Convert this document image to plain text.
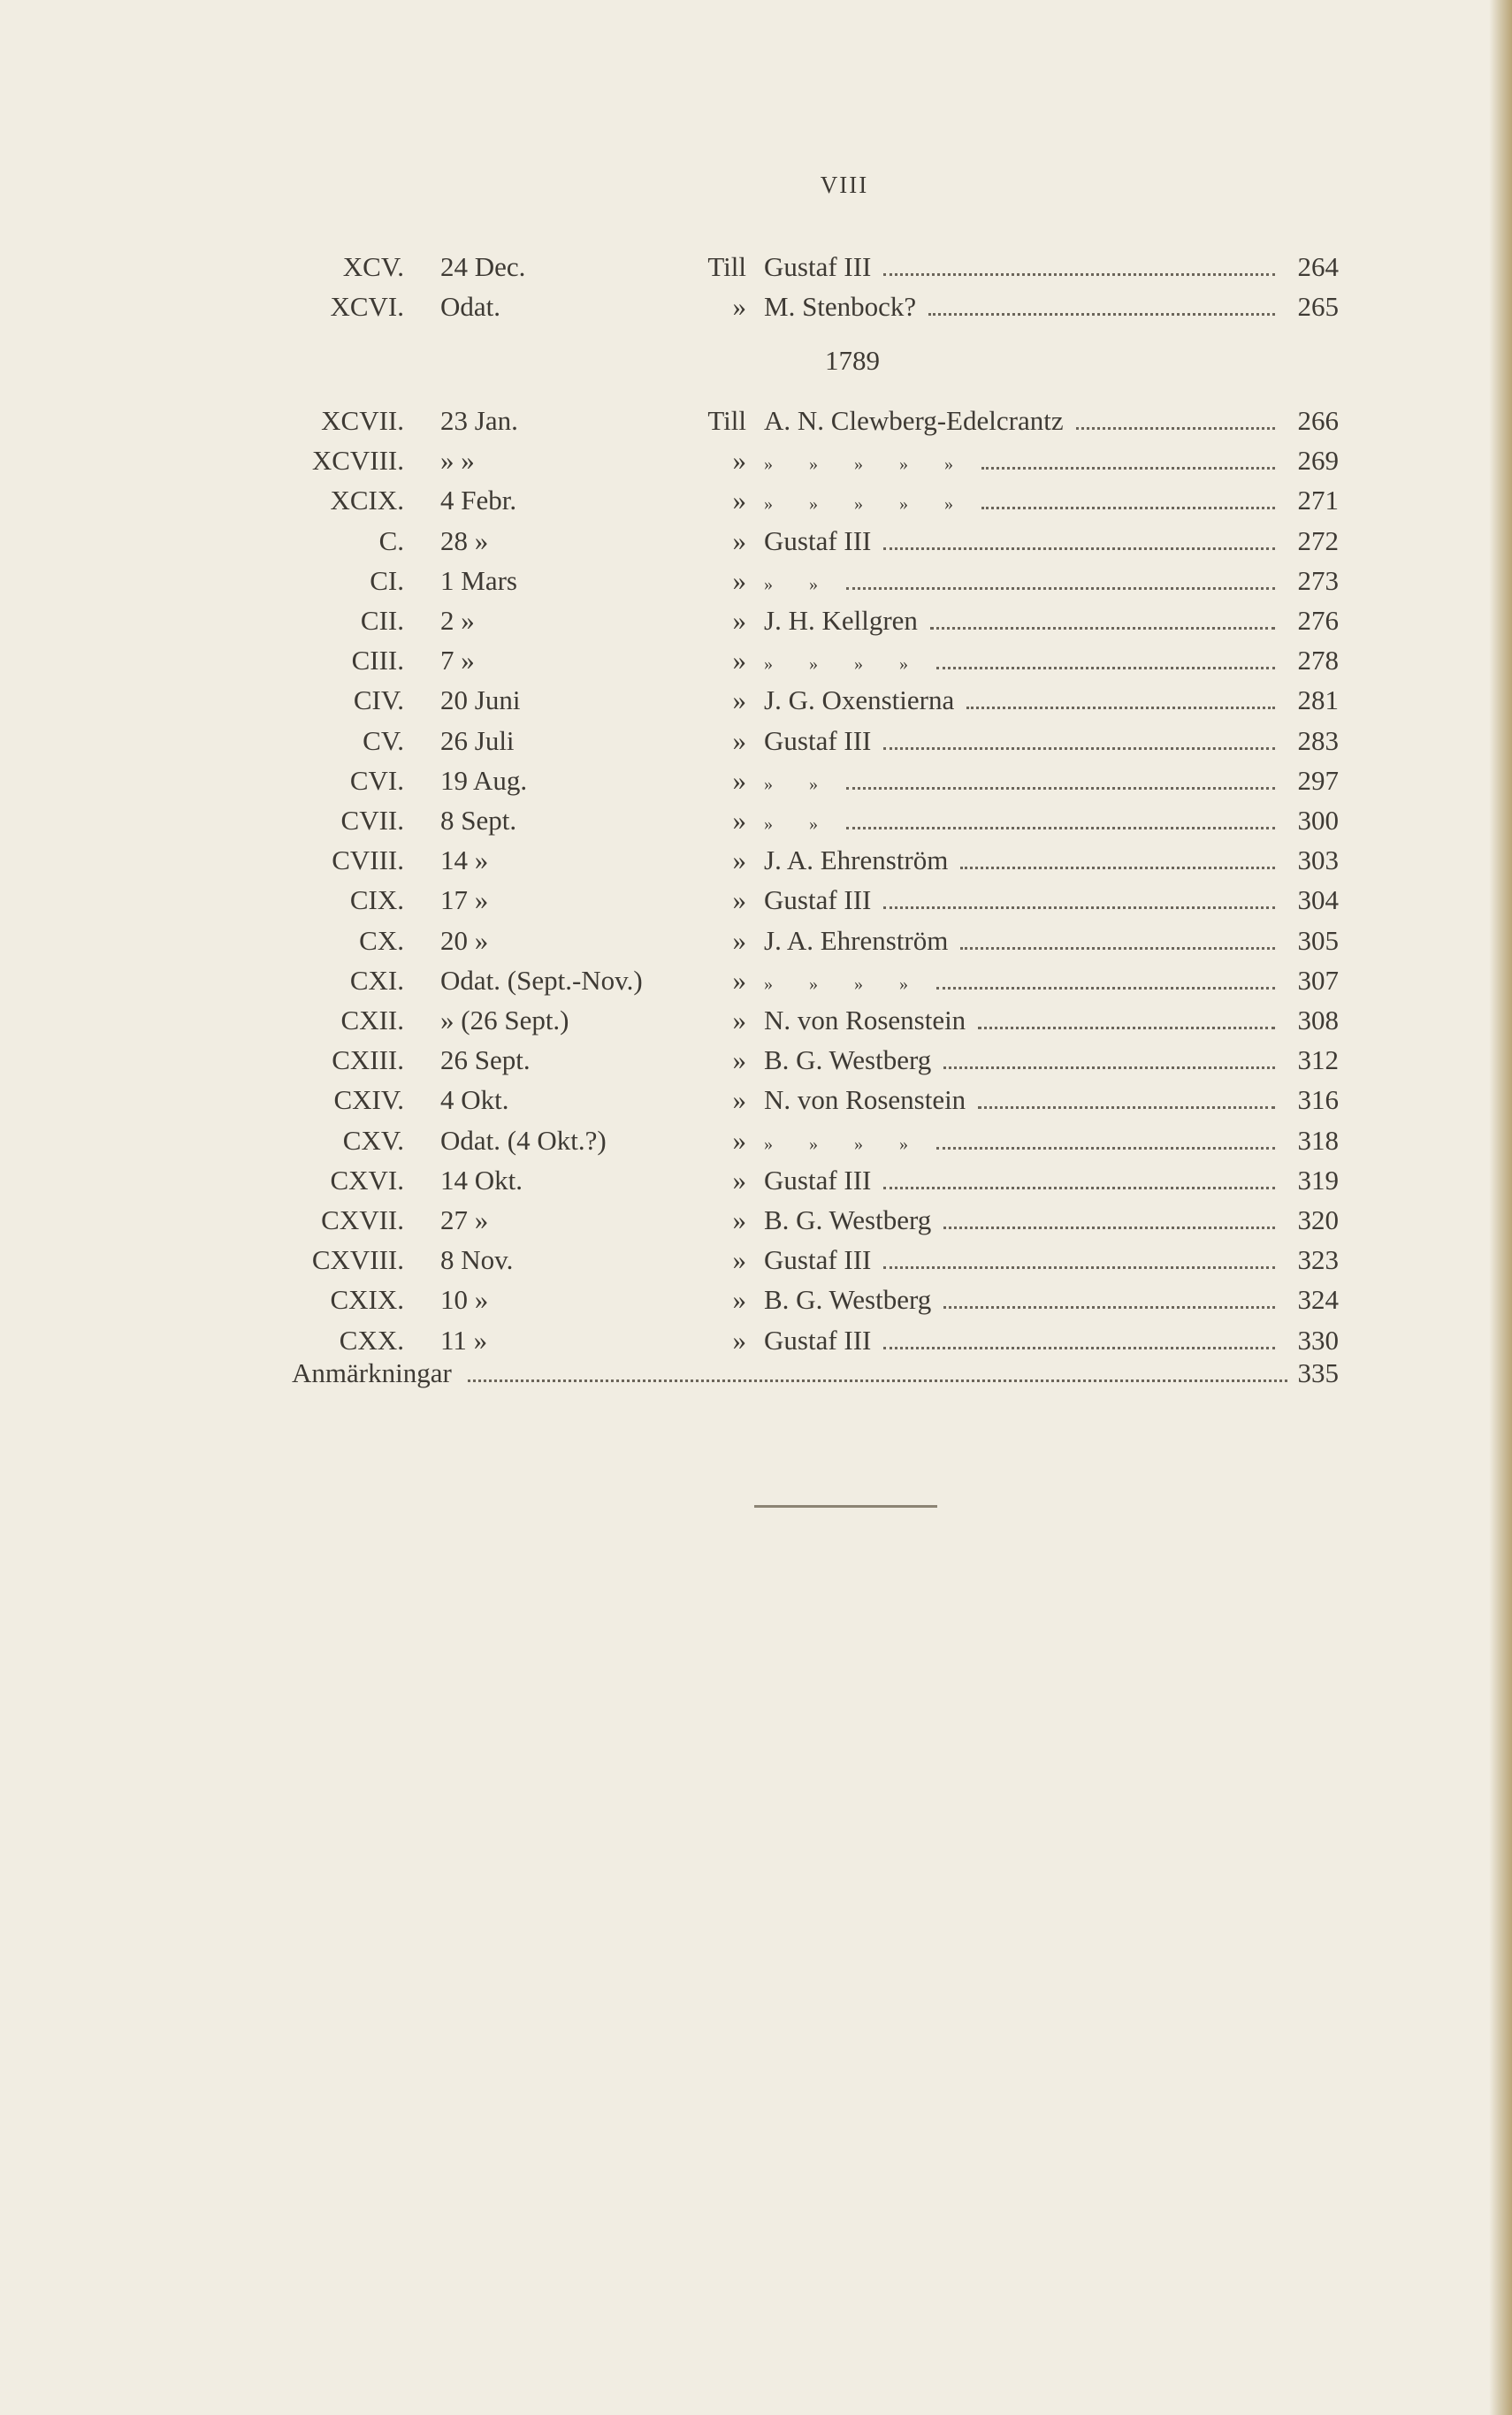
VIII
1789
XCV. 24 Dec.	Till Gustaf III	264
XCVI. Odat.	» M. Stenbock?	265
XCVII. 23 Jan.	Till A. N. Clewberg-Edelcrantz	266
XCVIII. » »	» » » » » »	269
XCIX. 4 Febr.	» » » » » »	271
C. 28 »	» Gustaf III	272
CI. 1 Mars	» » »	273
CII. 2 »	» J. H. Kellgren	276
CIII. 7 »	» » » » »	278
CIV. 20 Juni	» J. G. Oxenstierna	281
CV. 26 Juli	» Gustaf III	283
CVI. 19 Aug.	» » »	297
CVII. 8 Sept.	» » »	300
CVIII. 14 »	» J. A. Ehrenström	303
CIX. 17 »	» Gustaf III	304
CX. 20 »	» J. A. Ehrenström	305
CXI. Odat. (Sept.-Nov.)	» » » » »	307
CXII. » (26 Sept.)	» N. von Rosenstein	308
CXIII. 26 Sept.	» B. G. Westberg	312
CXIV. 4 Okt.	» N. von Rosenstein	316
CXV. Odat. (4 Okt.?)	» » » » »	318
CXVI. 14 Okt.	» Gustaf III	319
CXVII. 27 »	» B. G. Westberg	320
CXVIII. 8 Nov.	» Gustaf III	323
CXIX. 10 »	» B. G. Westberg	324
CXX. 11 »	» Gustaf III	330
Anmärkningar	335
